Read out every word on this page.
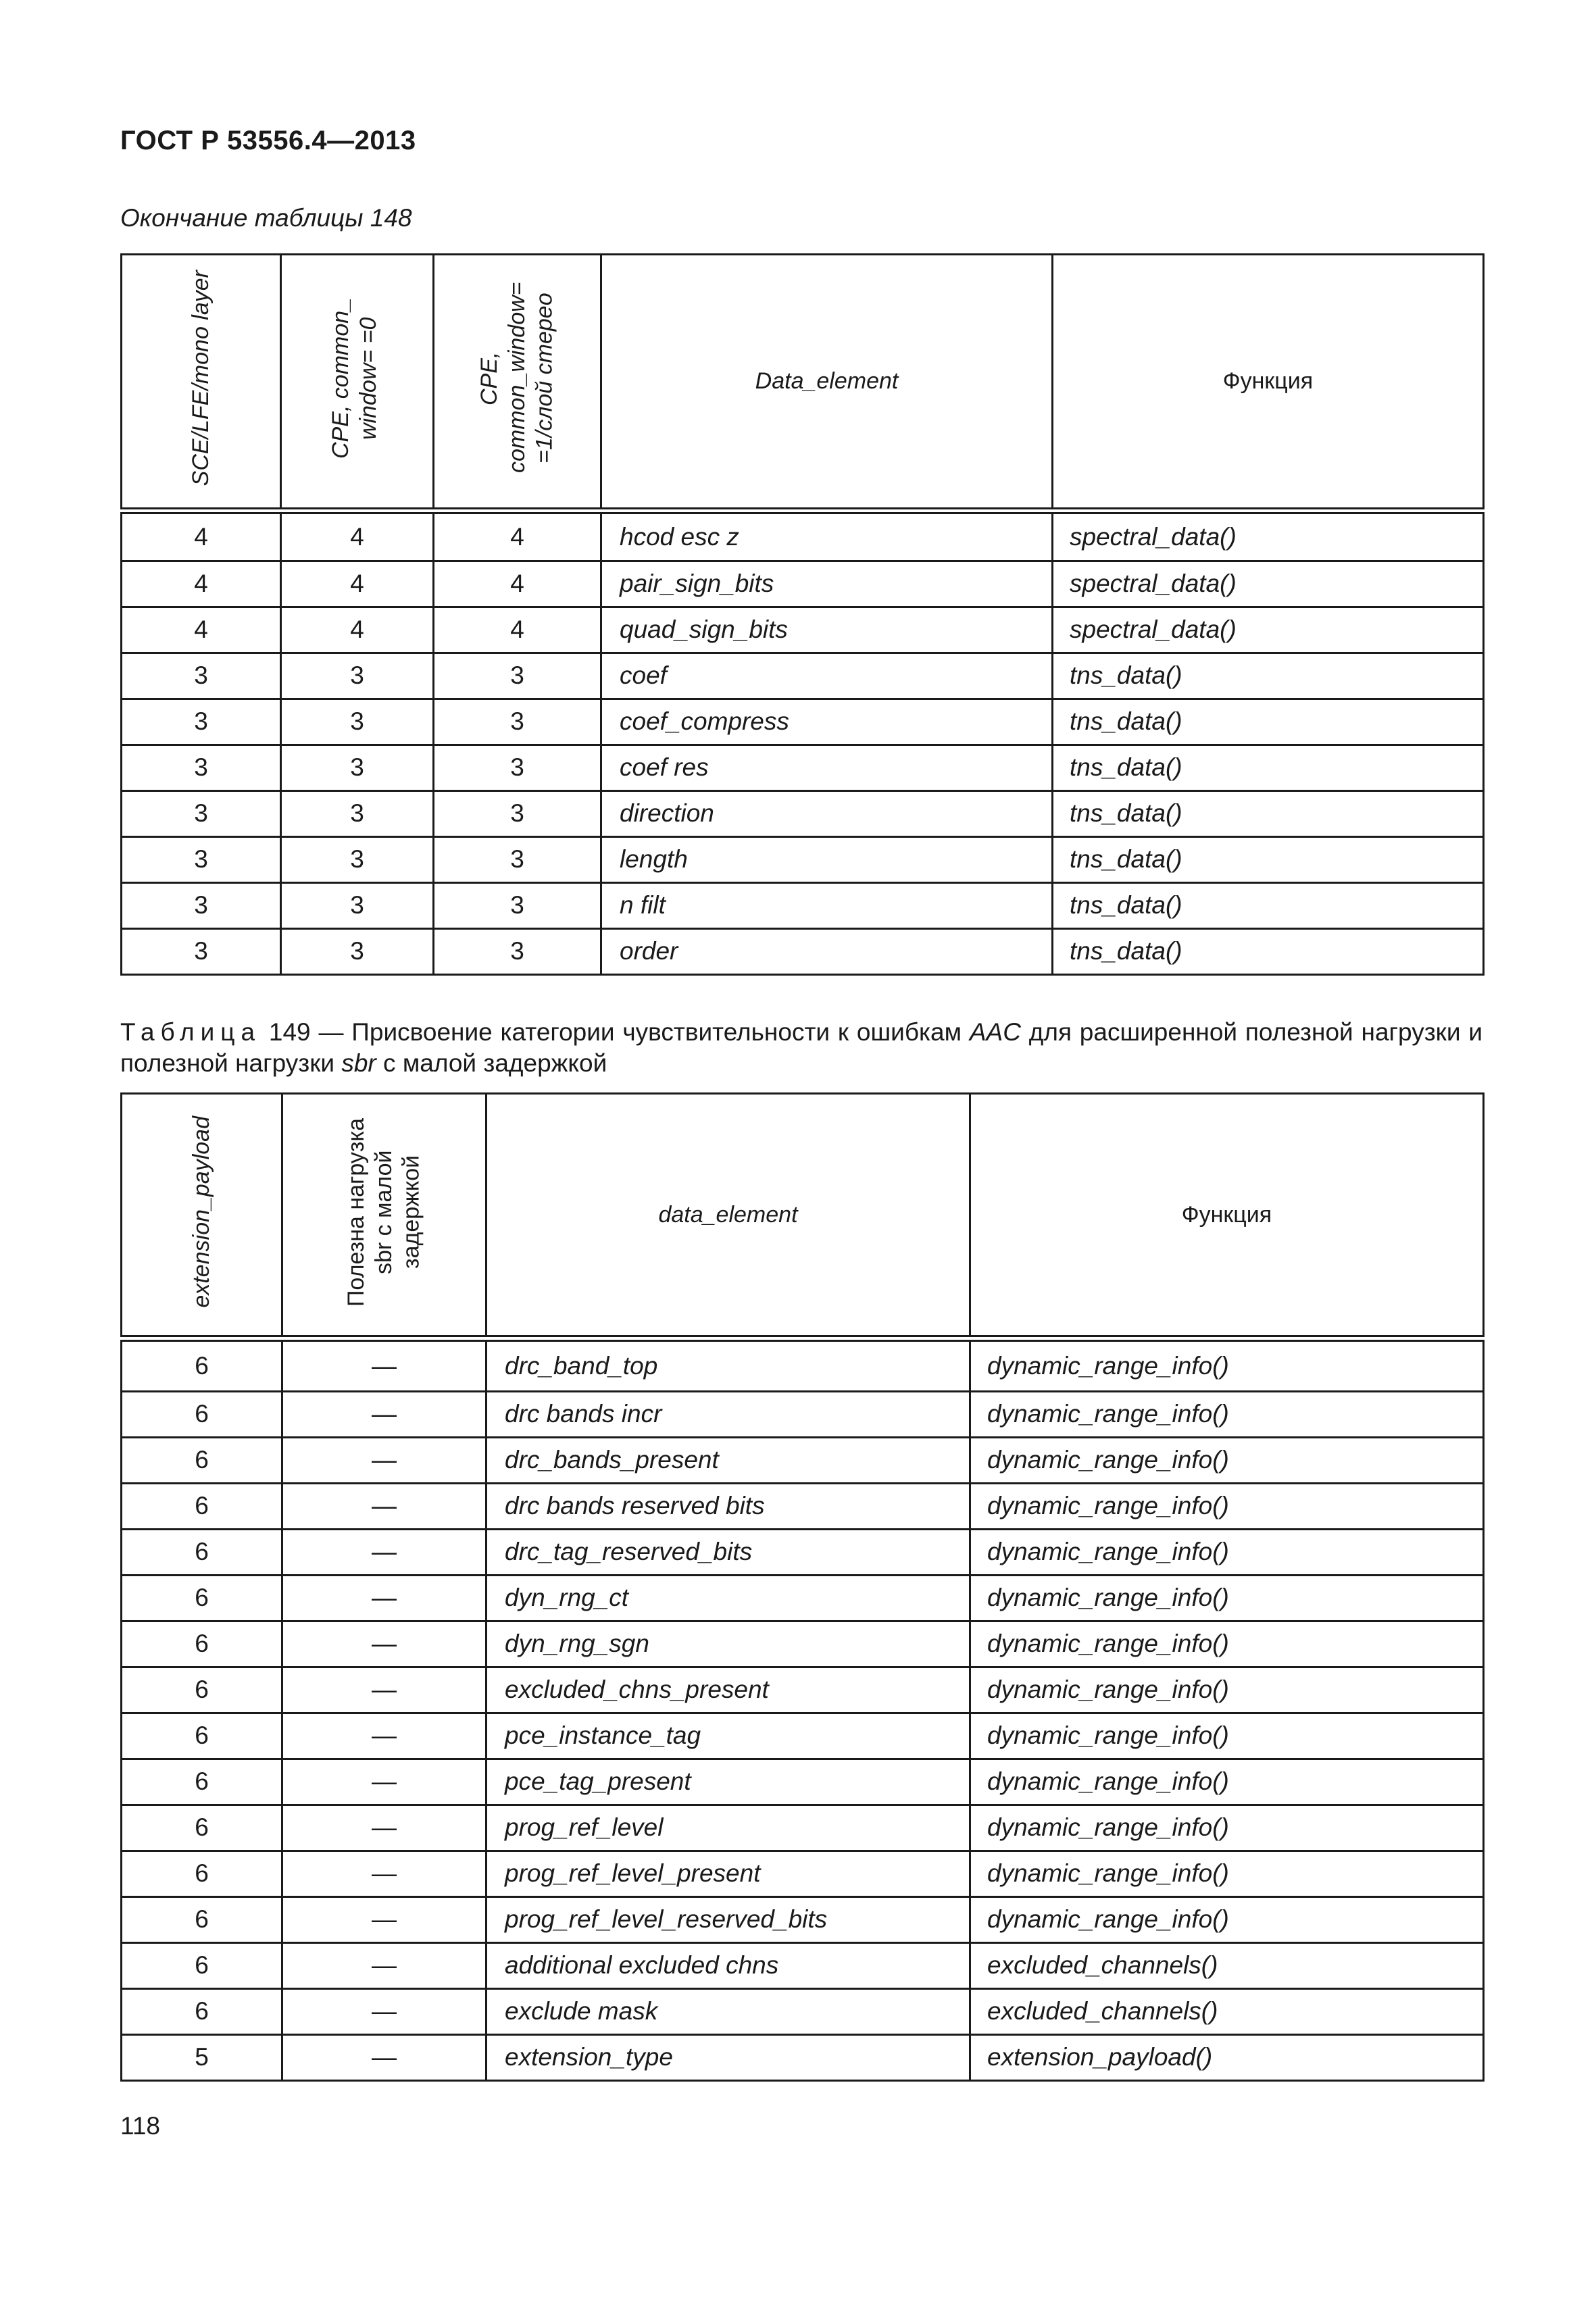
ГОСТ Р 53556.4—2013
Окончание таблицы 148
SCE/LFE/mono layer	CPE, common_ window= =0	CPE, common_window= =1/слой стерео	Data_element	Функция
4	4	4	hcod esc z	spectral_data()
4	4	4	pair_sign_bits	spectral_data()
4	4	4	quad_sign_bits	spectral_data()
3	3	3	coef	tns_data()
3	3	3	coef_compress	tns_data()
3	3	3	coef res	tns_data()
3	3	3	direction	tns_data()
3	3	3	length	tns_data()
3	3	3	n filt	tns_data()
3	3	3	order	tns_data()
Таблица 149 — Присвоение категории чувствительности к ошибкам AAC для расширенной полезной нагрузки и полезной нагрузки sbr с малой задержкой
extension_payload	Полезна нагрузка sbr с малой задержкой	data_element	Функция
6	—	drc_band_top	dynamic_range_info()
6	—	drc bands incr	dynamic_range_info()
6	—	drc_bands_present	dynamic_range_info()
6	—	drc bands reserved bits	dynamic_range_info()
6	—	drc_tag_reserved_bits	dynamic_range_info()
6	—	dyn_rng_ct	dynamic_range_info()
6	—	dyn_rng_sgn	dynamic_range_info()
6	—	excluded_chns_present	dynamic_range_info()
6	—	pce_instance_tag	dynamic_range_info()
6	—	pce_tag_present	dynamic_range_info()
6	—	prog_ref_level	dynamic_range_info()
6	—	prog_ref_level_present	dynamic_range_info()
6	—	prog_ref_level_reserved_bits	dynamic_range_info()
6	—	additional excluded chns	excluded_channels()
6	—	exclude mask	excluded_channels()
5	—	extension_type	extension_payload()
118
